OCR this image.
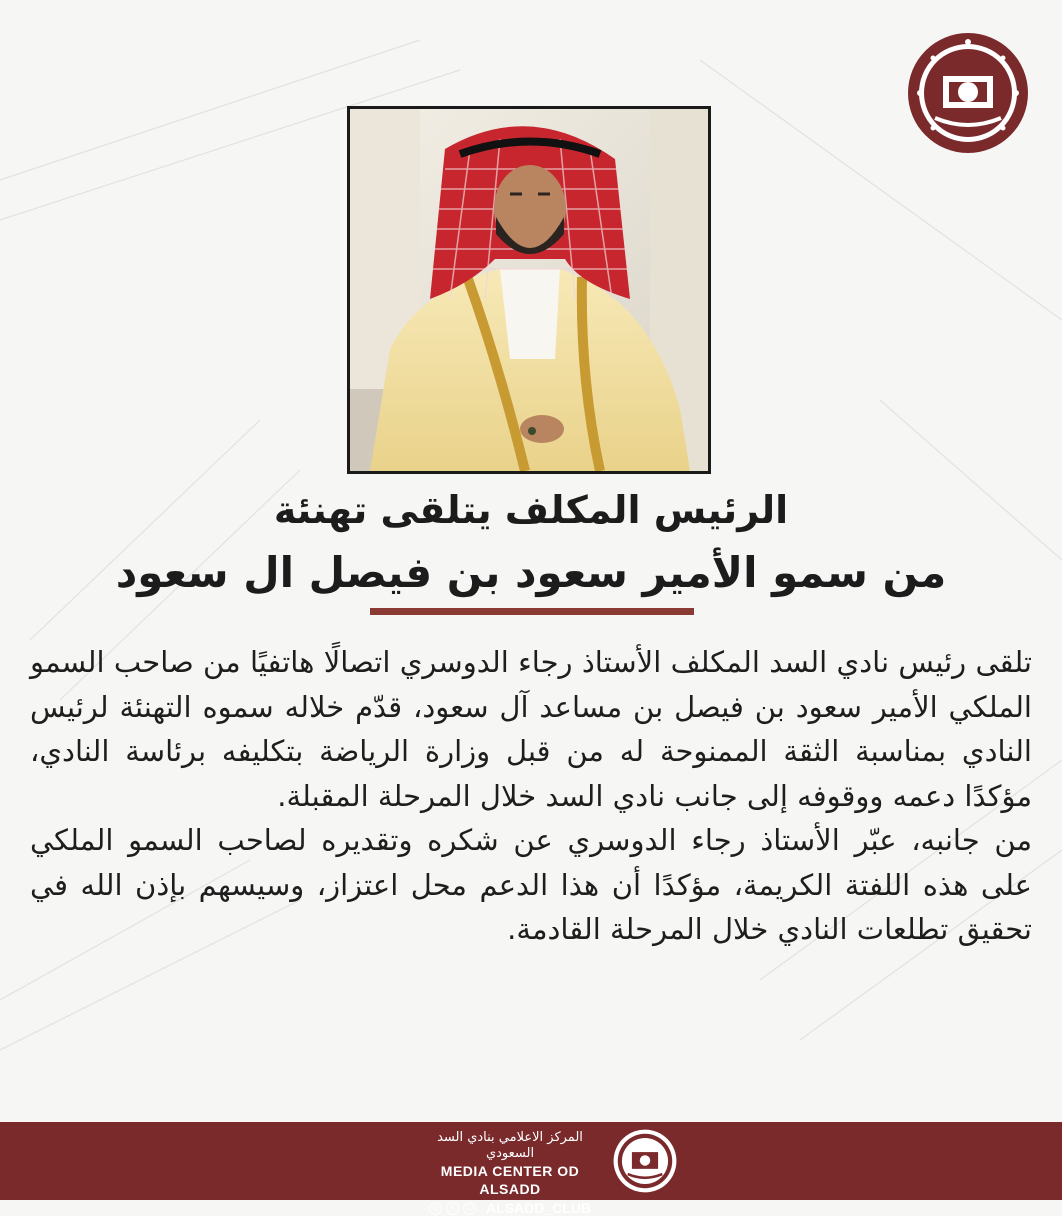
الرئيس المكلف يتلقى تهنئة
من سمو الأمير سعود بن فيصل ال سعود

تلقى رئيس نادي السد المكلف الأستاذ رجاء الدوسري اتصالًا هاتفيًا من صاحب السمو الملكي الأمير سعود بن فيصل بن مساعد آل سعود، قدّم خلاله سموه التهنئة لرئيس النادي بمناسبة الثقة الممنوحة له من قبل وزارة الرياضة بتكليفه برئاسة النادي، مؤكدًا دعمه ووقوفه إلى جانب نادي السد خلال المرحلة المقبلة.

من جانبه، عبّر الأستاذ رجاء الدوسري عن شكره وتقديره لصاحب السمو الملكي على هذه اللفتة الكريمة، مؤكدًا أن هذا الدعم محل اعتزاز، وسيسهم بإذن الله في تحقيق تطلعات النادي خلال المرحلة القادمة.

المركز الاعلامي بنادي السد السعودي
MEDIA CENTER OD ALSADD
◎	✕	☺ ALSADD_CLUB
